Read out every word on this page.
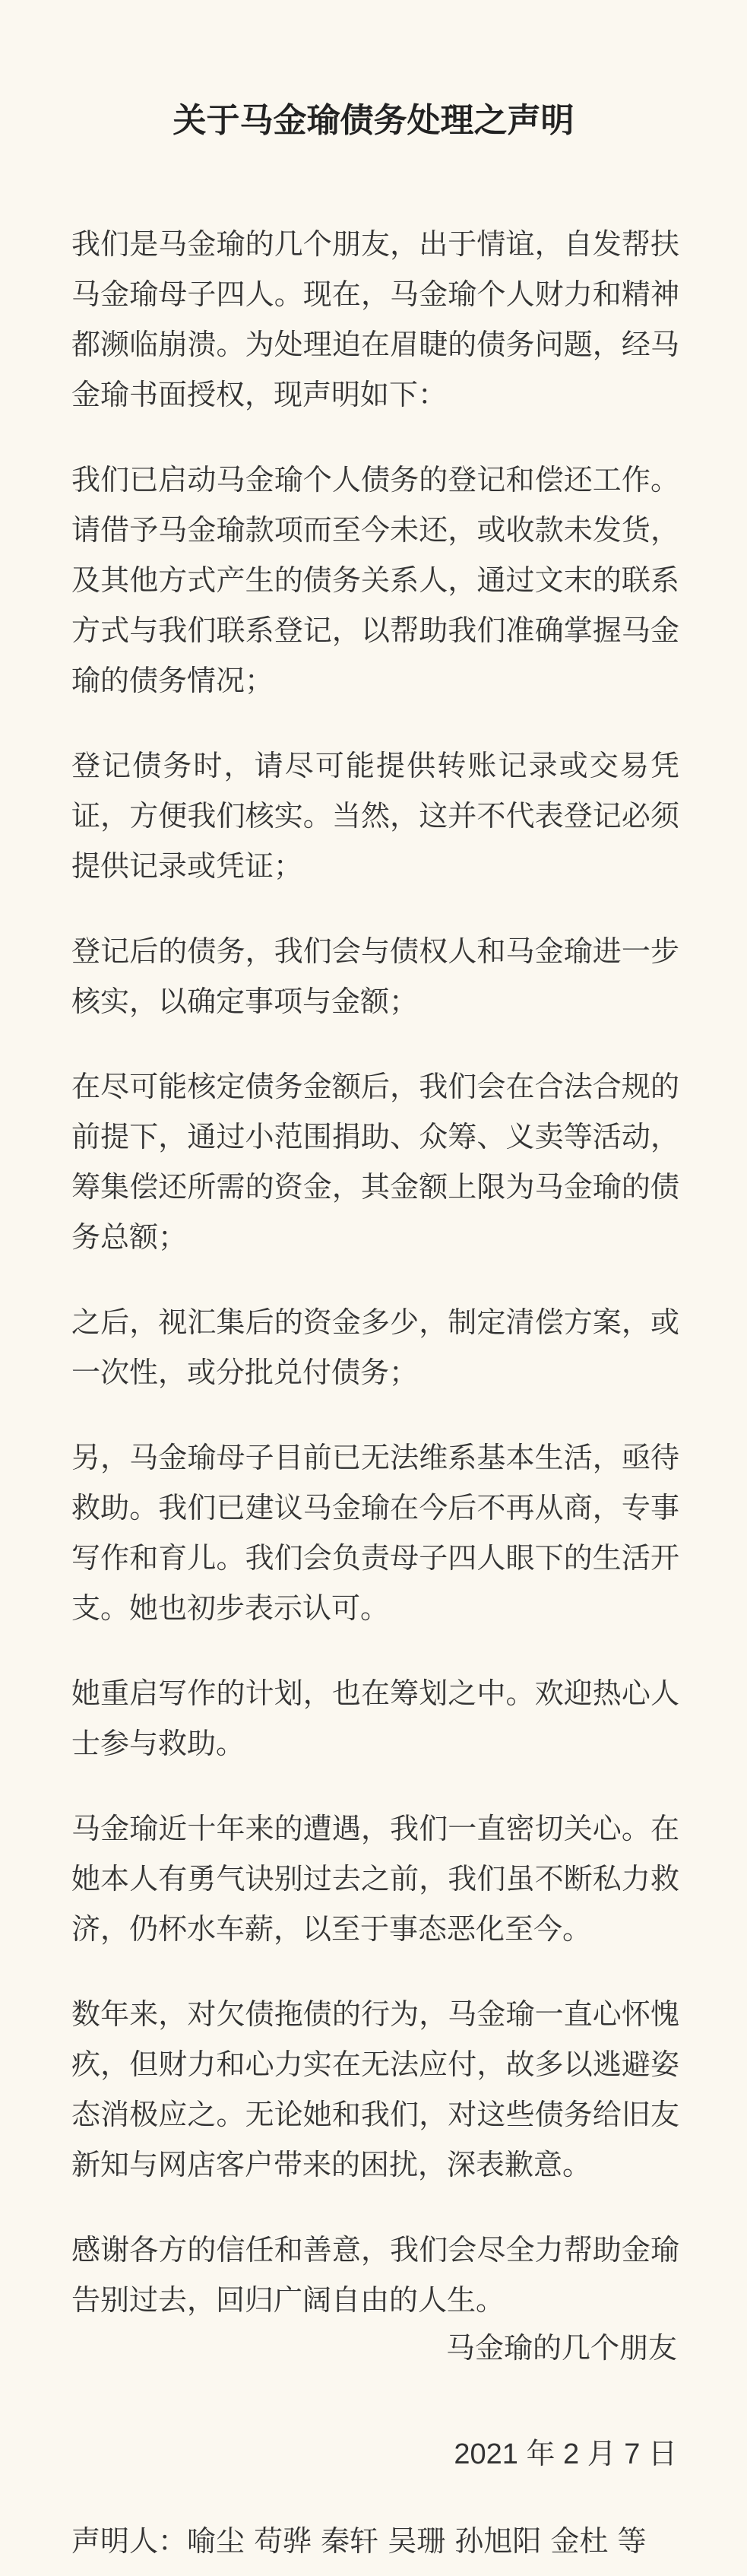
关于马金瑜债务处理之声明

我们是马金瑜的几个朋友，出于情谊，自发帮扶马金瑜母子四人。现在，马金瑜个人财力和精神都濒临崩溃。为处理迫在眉睫的债务问题，经马金瑜书面授权，现声明如下：

我们已启动马金瑜个人债务的登记和偿还工作。请借予马金瑜款项而至今未还，或收款未发货，及其他方式产生的债务关系人，通过文末的联系方式与我们联系登记，以帮助我们准确掌握马金瑜的债务情况；

登记债务时，请尽可能提供转账记录或交易凭证，方便我们核实。当然，这并不代表登记必须提供记录或凭证；

登记后的债务，我们会与债权人和马金瑜进一步核实，以确定事项与金额；

在尽可能核定债务金额后，我们会在合法合规的前提下，通过小范围捐助、众筹、义卖等活动，筹集偿还所需的资金，其金额上限为马金瑜的债务总额；

之后，视汇集后的资金多少，制定清偿方案，或一次性，或分批兑付债务；

另，马金瑜母子目前已无法维系基本生活，亟待救助。我们已建议马金瑜在今后不再从商，专事写作和育儿。我们会负责母子四人眼下的生活开支。她也初步表示认可。

她重启写作的计划，也在筹划之中。欢迎热心人士参与救助。

马金瑜近十年来的遭遇，我们一直密切关心。在她本人有勇气诀别过去之前，我们虽不断私力救济，仍杯水车薪，以至于事态恶化至今。

数年来，对欠债拖债的行为，马金瑜一直心怀愧疚，但财力和心力实在无法应付，故多以逃避姿态消极应之。无论她和我们，对这些债务给旧友新知与网店客户带来的困扰，深表歉意。

感谢各方的信任和善意，我们会尽全力帮助金瑜告别过去，回归广阔自由的人生。

马金瑜的几个朋友
2021 年 2 月 7 日
声明人：喻尘 苟骅 秦轩 吴珊 孙旭阳 金杜 等
